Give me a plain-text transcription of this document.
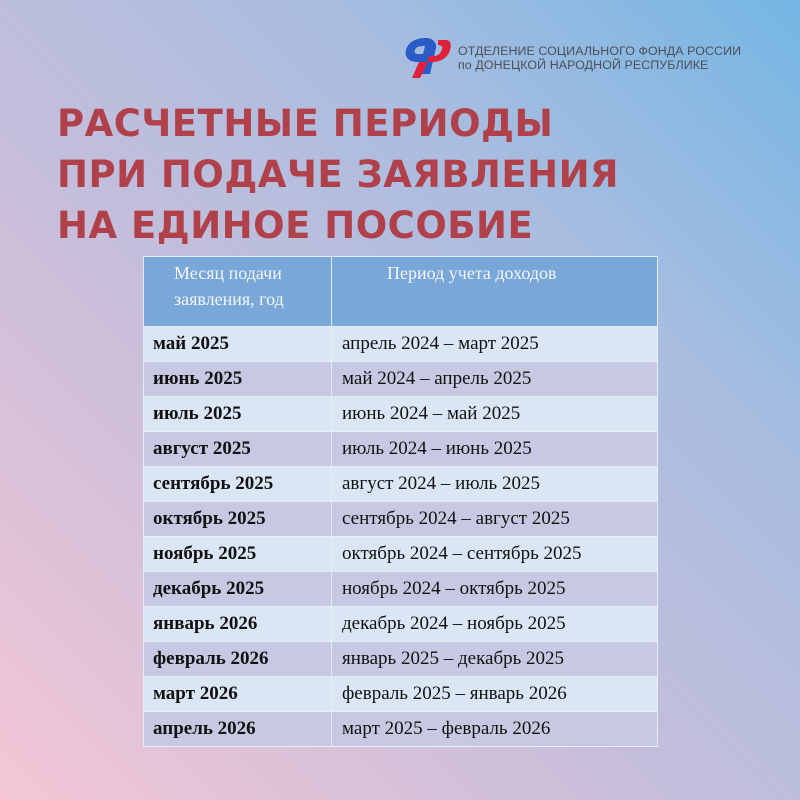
ОТДЕЛЕНИЕ СОЦИАЛЬНОГО ФОНДА РОССИИ
по ДОНЕЦКОЙ НАРОДНОЙ РЕСПУБЛИКЕ
РАСЧЕТНЫЕ ПЕРИОДЫ
ПРИ ПОДАЧЕ ЗАЯВЛЕНИЯ
НА ЕДИНОЕ ПОСОБИЕ
Месяц подачи
заявления, год	Период учета доходов
май 2025	апрель 2024 – март 2025
июнь 2025	май 2024 – апрель 2025
июль 2025	июнь 2024 – май 2025
август 2025	июль 2024 – июнь 2025
сентябрь 2025	август 2024 – июль 2025
октябрь 2025	сентябрь 2024 – август 2025
ноябрь 2025	октябрь 2024 – сентябрь 2025
декабрь 2025	ноябрь 2024 – октябрь 2025
январь 2026	декабрь 2024 – ноябрь 2025
февраль 2026	январь 2025 – декабрь 2025
март 2026	февраль 2025 – январь 2026
апрель 2026	март 2025 – февраль 2026
